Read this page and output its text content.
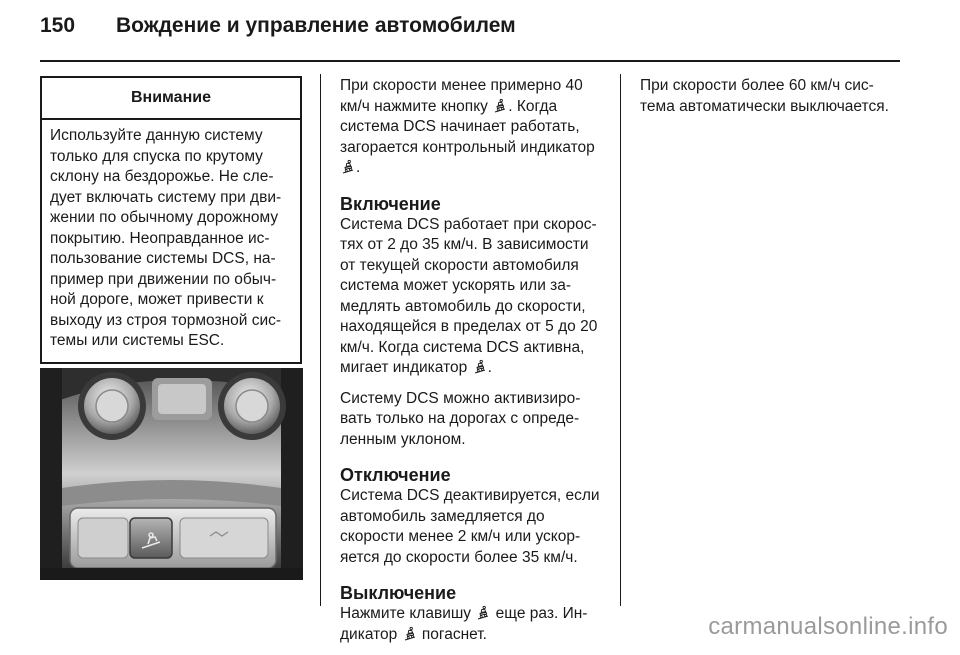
150 Вождение и управление автомобилем
Внимание
Используйте данную систему только для спуска по крутому склону на бездорожье. Не сле-дует включать систему при дви-жении по обычному дорожному покрытию. Неоправданное ис-пользование системы DCS, на-пример при движении по обыч-ной дороге, может привести к выходу из строя тормозной сис-темы или системы ESC.

При скорости менее примерно 40 км/ч нажмите кнопку . Когда система DCS начинает работать, загорается контрольный индикатор .

Включение

Система DCS работает при скорос-тях от 2 до 35 км/ч. В зависимости от текущей скорости автомобиля система может ускорять или за-медлять автомобиль до скорости, находящейся в пределах от 5 до 20 км/ч. Когда система DCS активна, мигает индикатор .

Систему DCS можно активизиро-вать только на дорогах с опреде-ленным уклоном.

Отключение

Система DCS деактивируется, если автомобиль замедляется до скорости менее 2 км/ч или ускор-яется до скорости более 35 км/ч.

Выключение

Нажмите клавишу еще раз. Ин-дикатор погаснет.

При скорости более 60 км/ч сис-тема автоматически выключается.

carmanualsonline.info
